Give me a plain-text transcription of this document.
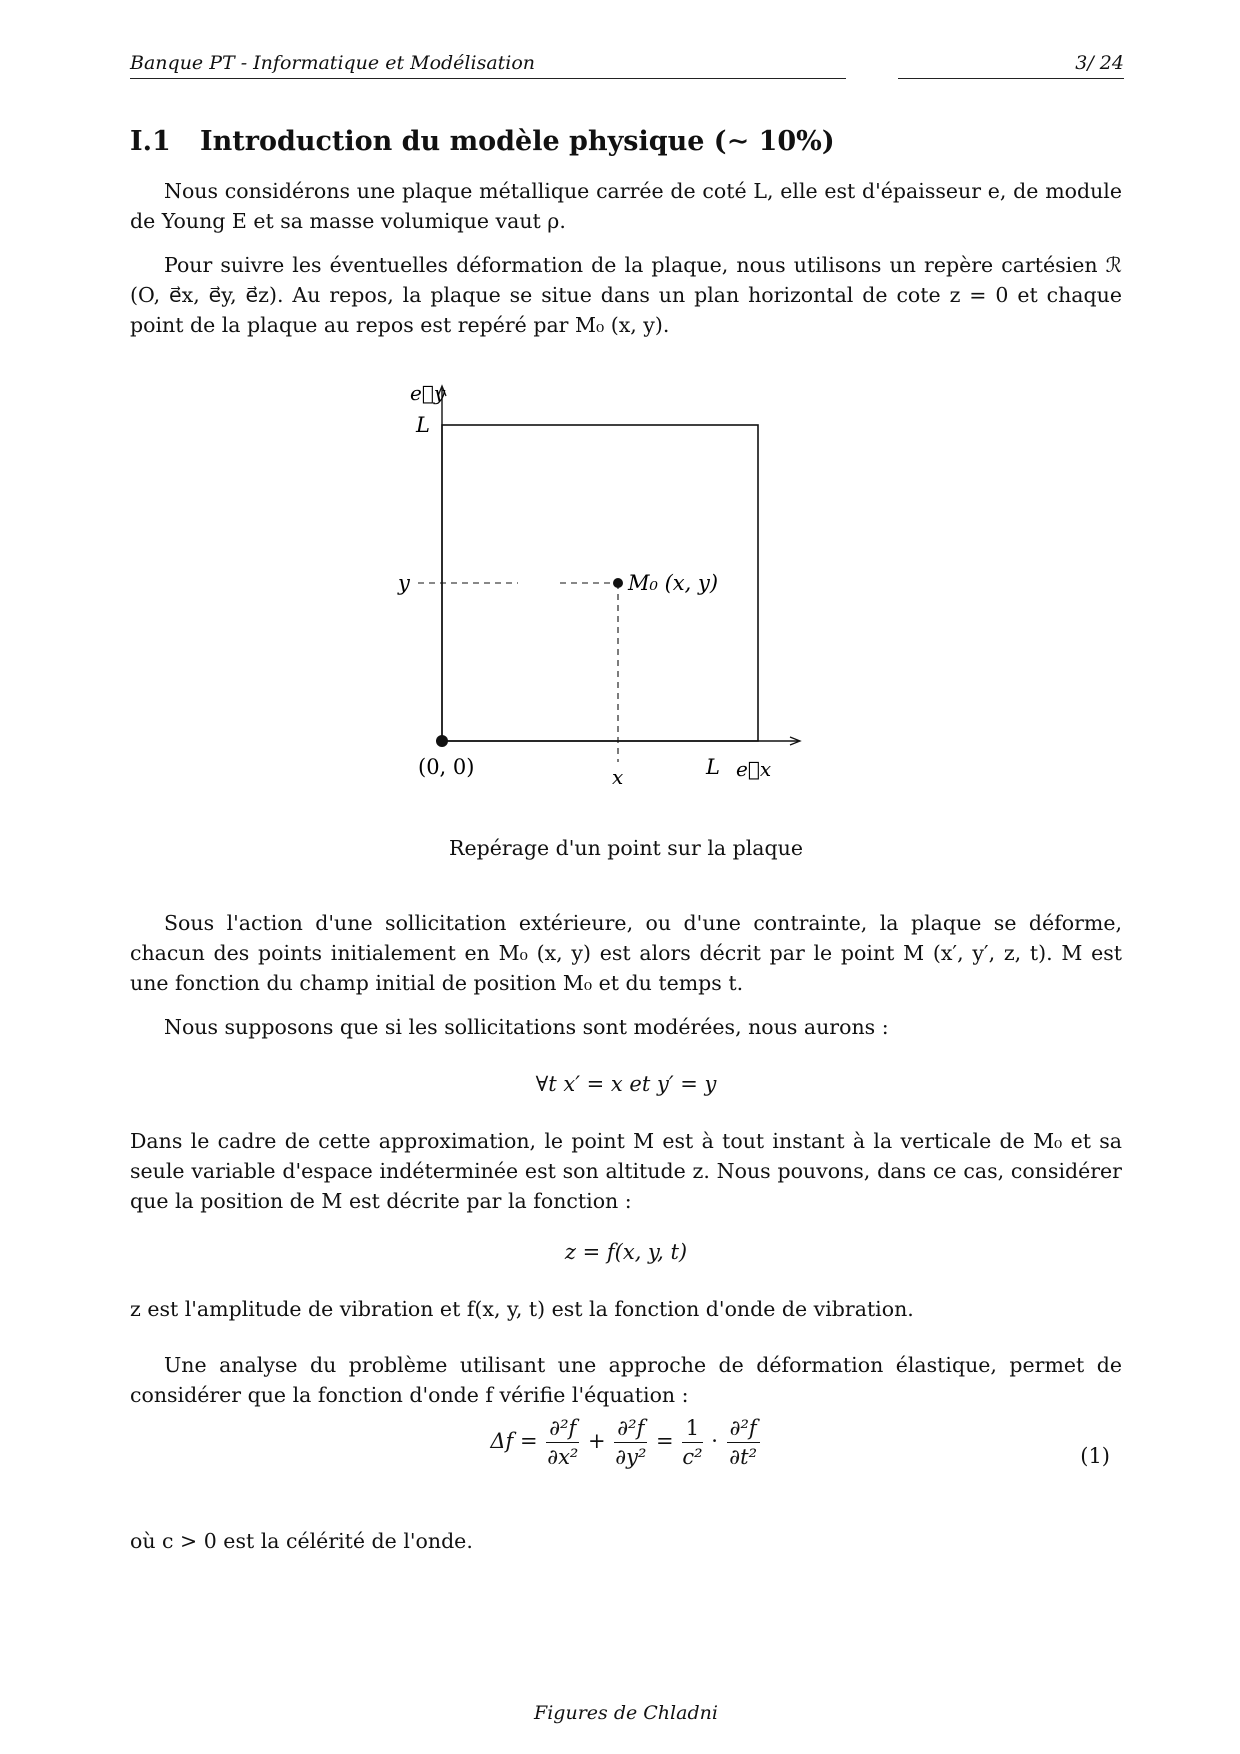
Banque PT - Informatique et Modélisation	3/ 24
I.1 Introduction du modèle physique (∼ 10%)

Nous considérons une plaque métallique carrée de coté L, elle est d'épaisseur e, de module de Young E et sa masse volumique vaut ρ.

Pour suivre les éventuelles déformation de la plaque, nous utilisons un repère cartésien ℛ (O, e⃗x, e⃗y, e⃗z). Au repos, la plaque se situe dans un plan horizontal de cote z = 0 et chaque point de la plaque au repos est repéré par M₀ (x, y).

e⃗y
L
y	M₀ (x, y)
(0, 0)	x	L e⃗x
Repérage d'un point sur la plaque

Sous l'action d'une sollicitation extérieure, ou d'une contrainte, la plaque se déforme, chacun des points initialement en M₀ (x, y) est alors décrit par le point M (x′, y′, z, t). M est une fonction du champ initial de position M₀ et du temps t.

Nous supposons que si les sollicitations sont modérées, nous aurons :

∀t x′ = x et y′ = y

Dans le cadre de cette approximation, le point M est à tout instant à la verticale de M₀ et sa seule variable d'espace indéterminée est son altitude z. Nous pouvons, dans ce cas, considérer que la position de M est décrite par la fonction :

z = f(x, y, t)

z est l'amplitude de vibration et f(x, y, t) est la fonction d'onde de vibration.

Une analyse du problème utilisant une approche de déformation élastique, permet de considérer que la fonction d'onde f vérifie l'équation :

$\Delta f = \frac{\text{∂²f}}{\text{∂x²}} + \frac{\text{∂²f}}{\text{∂y²}} = \frac{1}{\text{c²}} \cdot \frac{\text{∂²f}}{\text{∂t²}}$	(1)

où c > 0 est la célérité de l'onde.

Figures de Chladni
